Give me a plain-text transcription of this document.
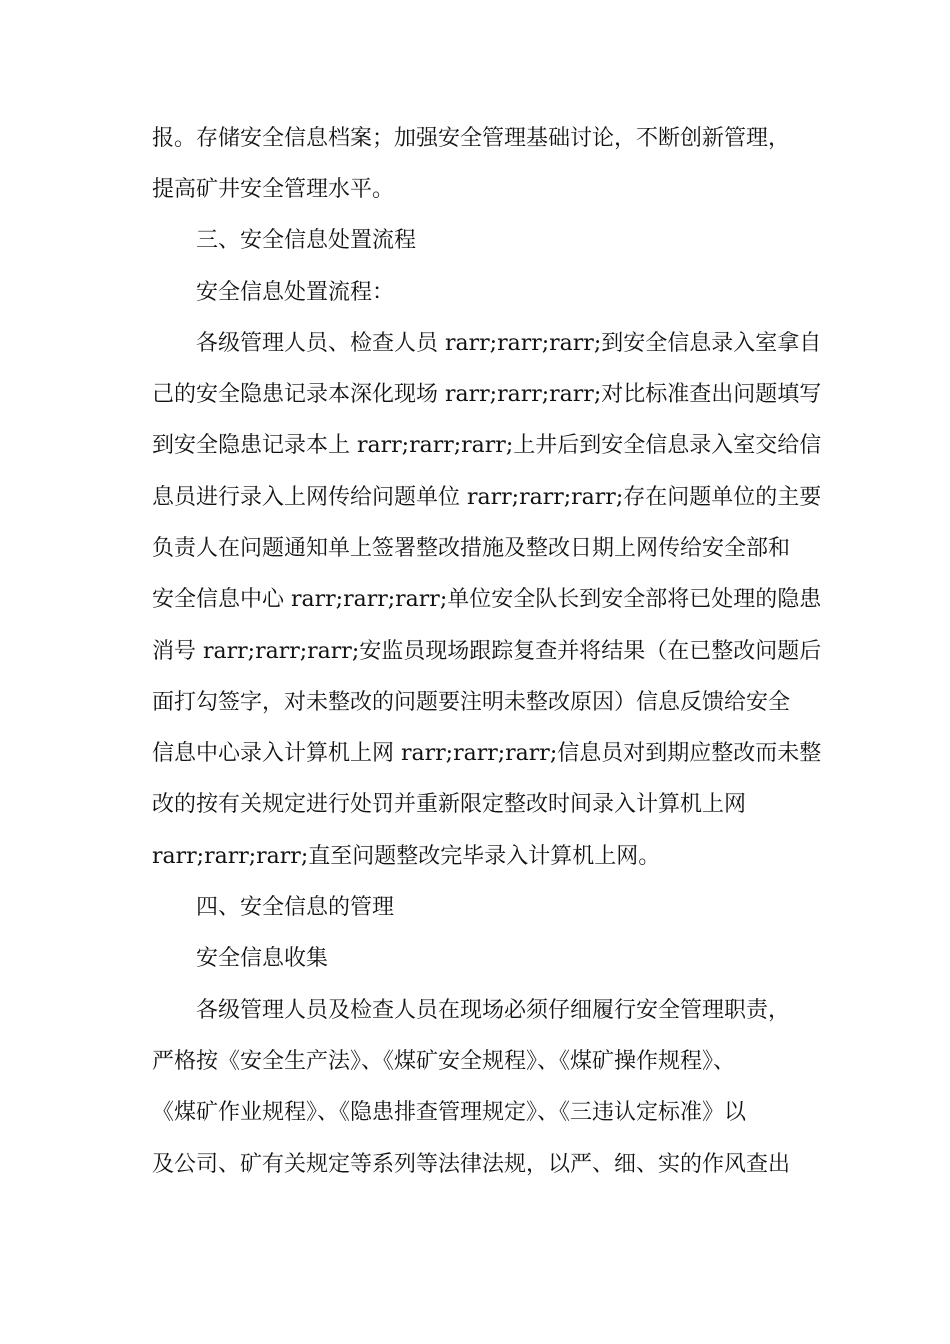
报。存储安全信息档案；加强安全管理基础讨论，不断创新管理，
提高矿井安全管理水平。
三、安全信息处置流程
安全信息处置流程：
各级管理人员、检查人员 rarr;rarr;rarr;到安全信息录入室拿自
己的安全隐患记录本深化现场 rarr;rarr;rarr;对比标准查出问题填写
到安全隐患记录本上 rarr;rarr;rarr;上井后到安全信息录入室交给信
息员进行录入上网传给问题单位 rarr;rarr;rarr;存在问题单位的主要
负责人在问题通知单上签署整改措施及整改日期上网传给安全部和
安全信息中心 rarr;rarr;rarr;单位安全队长到安全部将已处理的隐患
消号 rarr;rarr;rarr;安监员现场跟踪复查并将结果（在已整改问题后
面打勾签字，对未整改的问题要注明未整改原因）信息反馈给安全
信息中心录入计算机上网 rarr;rarr;rarr;信息员对到期应整改而未整
改的按有关规定进行处罚并重新限定整改时间录入计算机上网
rarr;rarr;rarr;直至问题整改完毕录入计算机上网。
四、安全信息的管理
安全信息收集
各级管理人员及检查人员在现场必须仔细履行安全管理职责，
严格按《安全生产法》、《煤矿安全规程》、《煤矿操作规程》、
《煤矿作业规程》、《隐患排查管理规定》、《三违认定标准》以
及公司、矿有关规定等系列等法律法规，以严、细、实的作风查出
